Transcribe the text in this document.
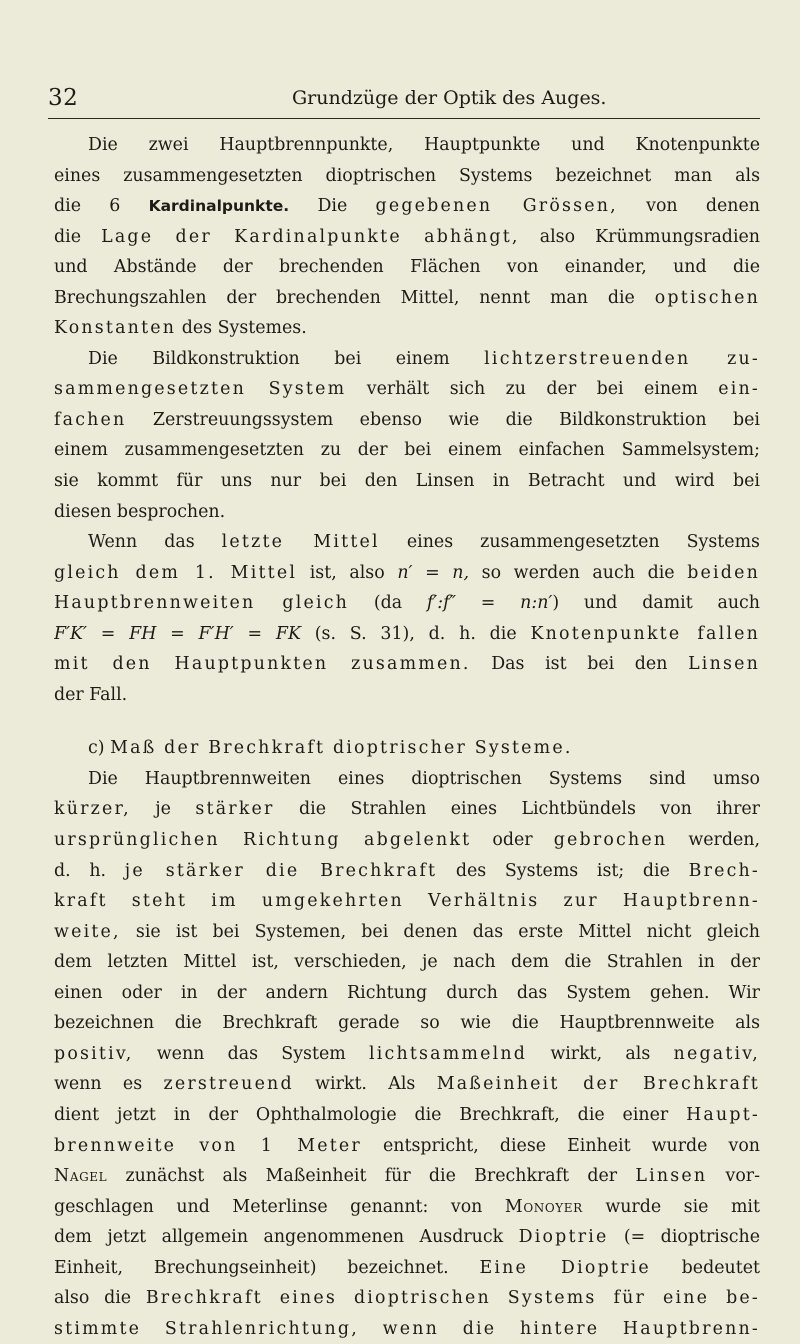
32	Grundzüge der Optik des Auges.
Die zwei Hauptbrennpunkte, Hauptpunkte und Knotenpunkte
eines zusammengesetzten dioptrischen Systems bezeichnet man als
die 6 Kardinalpunkte. Die gegebenen Grössen, von denen
die Lage der Kardinalpunkte abhängt, also Krümmungsradien
und Abstände der brechenden Flächen von einander, und die
Brechungszahlen der brechenden Mittel, nennt man die optischen
Konstanten des Systemes.
Die Bildkonstruktion bei einem lichtzerstreuenden zu-
sammengesetzten System verhält sich zu der bei einem ein-
fachen Zerstreuungssystem ebenso wie die Bildkonstruktion bei
einem zusammengesetzten zu der bei einem einfachen Sammelsystem;
sie kommt für uns nur bei den Linsen in Betracht und wird bei
diesen besprochen.
Wenn das letzte Mittel eines zusammengesetzten Systems
gleich dem 1. Mittel ist, also n′ = n, so werden auch die beiden
Hauptbrennweiten gleich (da f′:f″ = n:n′) und damit auch
F′K′ = FH = F′H′ = FK (s. S. 31), d. h. die Knotenpunkte fallen
mit den Hauptpunkten zusammen. Das ist bei den Linsen
der Fall.
c) Maß der Brechkraft dioptrischer Systeme.
Die Hauptbrennweiten eines dioptrischen Systems sind umso
kürzer, je stärker die Strahlen eines Lichtbündels von ihrer
ursprünglichen Richtung abgelenkt oder gebrochen werden,
d. h. je stärker die Brechkraft des Systems ist; die Brech-
kraft steht im umgekehrten Verhältnis zur Hauptbrenn-
weite, sie ist bei Systemen, bei denen das erste Mittel nicht gleich
dem letzten Mittel ist, verschieden, je nach dem die Strahlen in der
einen oder in der andern Richtung durch das System gehen. Wir
bezeichnen die Brechkraft gerade so wie die Hauptbrennweite als
positiv, wenn das System lichtsammelnd wirkt, als negativ,
wenn es zerstreuend wirkt. Als Maßeinheit der Brechkraft
dient jetzt in der Ophthalmologie die Brechkraft, die einer Haupt-
brennweite von 1 Meter entspricht, diese Einheit wurde von
Nagel zunächst als Maßeinheit für die Brechkraft der Linsen vor-
geschlagen und Meterlinse genannt: von Monoyer wurde sie mit
dem jetzt allgemein angenommenen Ausdruck Dioptrie (= dioptrische
Einheit, Brechungseinheit) bezeichnet. Eine Dioptrie bedeutet
also die Brechkraft eines dioptrischen Systems für eine be-
stimmte Strahlenrichtung, wenn die hintere Hauptbrenn-
